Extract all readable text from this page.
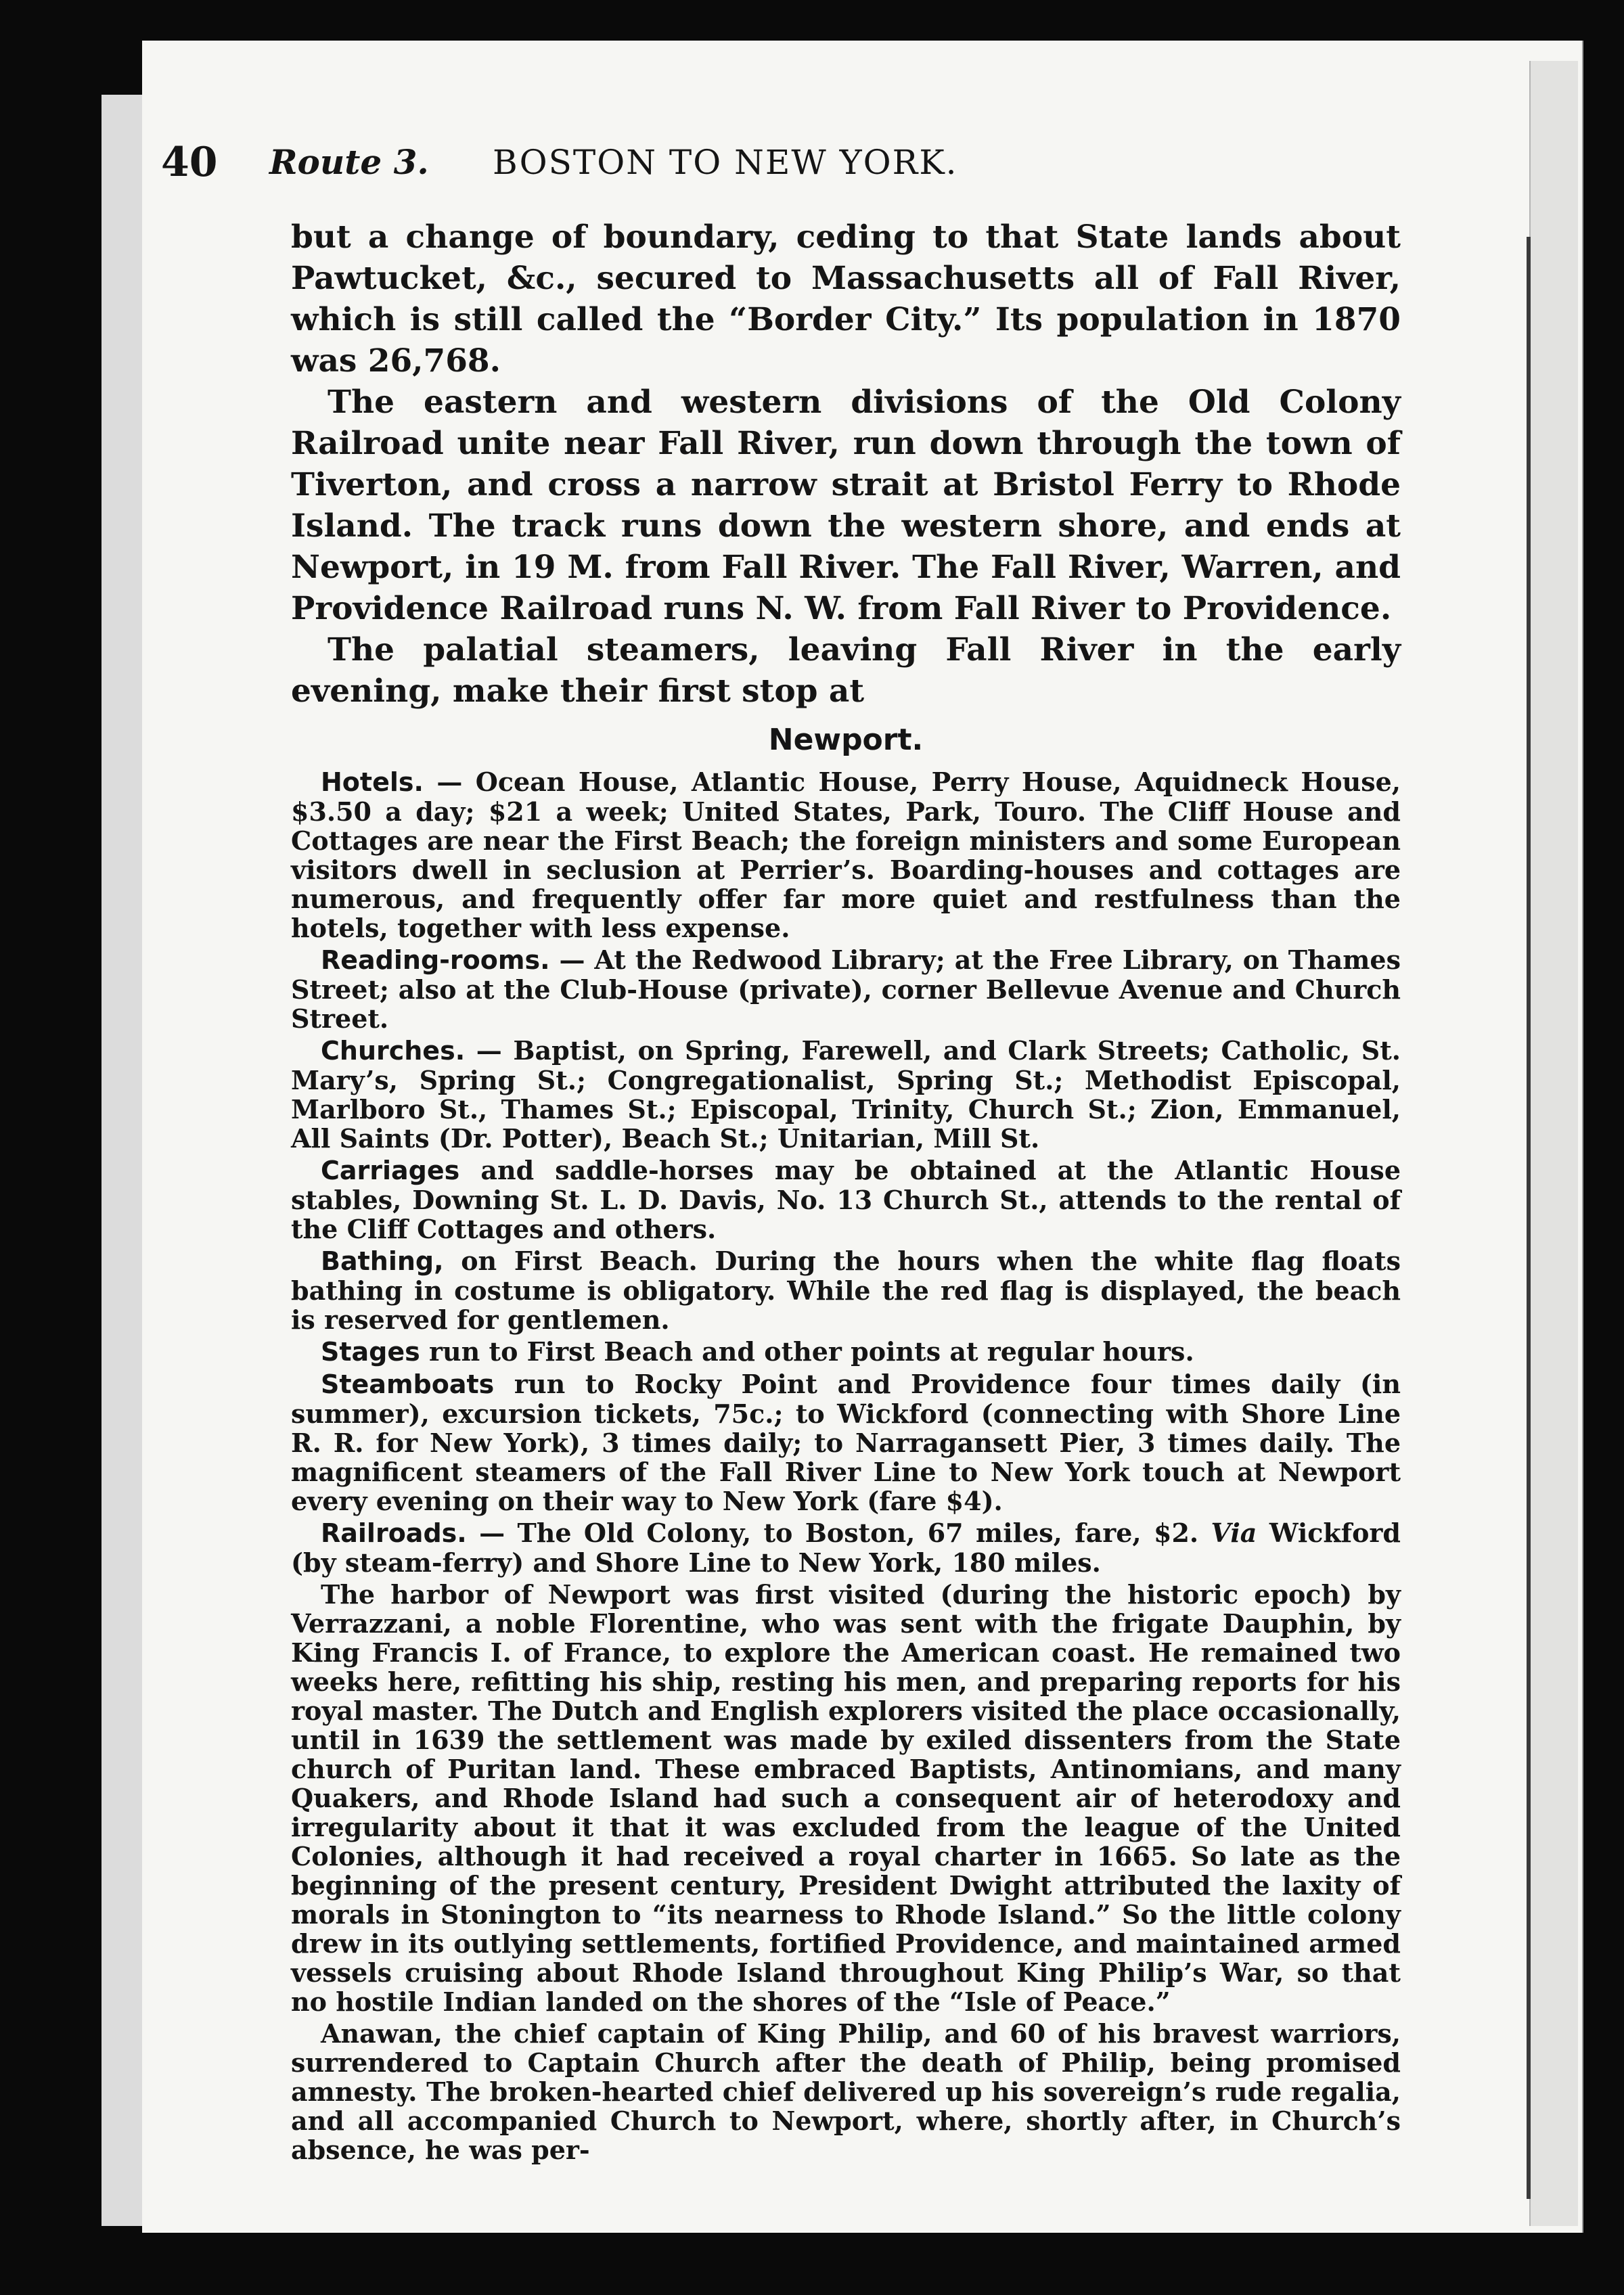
40 Route 3. BOSTON TO NEW YORK.

but a change of boundary, ceding to that State lands about Pawtucket, &c., secured to Massachusetts all of Fall River, which is still called the “Border City.” Its population in 1870 was 26,768.

The eastern and western divisions of the Old Colony Railroad unite near Fall River, run down through the town of Tiverton, and cross a narrow strait at Bristol Ferry to Rhode Island. The track runs down the western shore, and ends at Newport, in 19 M. from Fall River. The Fall River, Warren, and Providence Railroad runs N. W. from Fall River to Providence.

The palatial steamers, leaving Fall River in the early evening, make their first stop at

Newport.

Hotels. — Ocean House, Atlantic House, Perry House, Aquidneck House, $3.50 a day; $21 a week; United States, Park, Touro. The Cliff House and Cottages are near the First Beach; the foreign ministers and some European visitors dwell in seclusion at Perrier’s. Boarding-houses and cottages are numerous, and frequently offer far more quiet and restfulness than the hotels, together with less expense.

Reading-rooms. — At the Redwood Library; at the Free Library, on Thames Street; also at the Club-House (private), corner Bellevue Avenue and Church Street.

Churches. — Baptist, on Spring, Farewell, and Clark Streets; Catholic, St. Mary’s, Spring St.; Congregationalist, Spring St.; Methodist Episcopal, Marlboro St., Thames St.; Episcopal, Trinity, Church St.; Zion, Emmanuel, All Saints (Dr. Potter), Beach St.; Unitarian, Mill St.

Carriages and saddle-horses may be obtained at the Atlantic House stables, Downing St. L. D. Davis, No. 13 Church St., attends to the rental of the Cliff Cottages and others.

Bathing, on First Beach. During the hours when the white flag floats bathing in costume is obligatory. While the red flag is displayed, the beach is reserved for gentlemen.

Stages run to First Beach and other points at regular hours.

Steamboats run to Rocky Point and Providence four times daily (in summer), excursion tickets, 75c.; to Wickford (connecting with Shore Line R. R. for New York), 3 times daily; to Narragansett Pier, 3 times daily. The magnificent steamers of the Fall River Line to New York touch at Newport every evening on their way to New York (fare $4).

Railroads. — The Old Colony, to Boston, 67 miles, fare, $2. Via Wickford (by steam-ferry) and Shore Line to New York, 180 miles.

The harbor of Newport was first visited (during the historic epoch) by Verrazzani, a noble Florentine, who was sent with the frigate Dauphin, by King Francis I. of France, to explore the American coast. He remained two weeks here, refitting his ship, resting his men, and preparing reports for his royal master. The Dutch and English explorers visited the place occasionally, until in 1639 the settlement was made by exiled dissenters from the State church of Puritan land. These embraced Baptists, Antinomians, and many Quakers, and Rhode Island had such a consequent air of heterodoxy and irregularity about it that it was excluded from the league of the United Colonies, although it had received a royal charter in 1665. So late as the beginning of the present century, President Dwight attributed the laxity of morals in Stonington to “its nearness to Rhode Island.” So the little colony drew in its outlying settlements, fortified Providence, and maintained armed vessels cruising about Rhode Island throughout King Philip’s War, so that no hostile Indian landed on the shores of the “Isle of Peace.”

Anawan, the chief captain of King Philip, and 60 of his bravest warriors, surrendered to Captain Church after the death of Philip, being promised amnesty. The broken-hearted chief delivered up his sovereign’s rude regalia, and all accompanied Church to Newport, where, shortly after, in Church’s absence, he was per-
